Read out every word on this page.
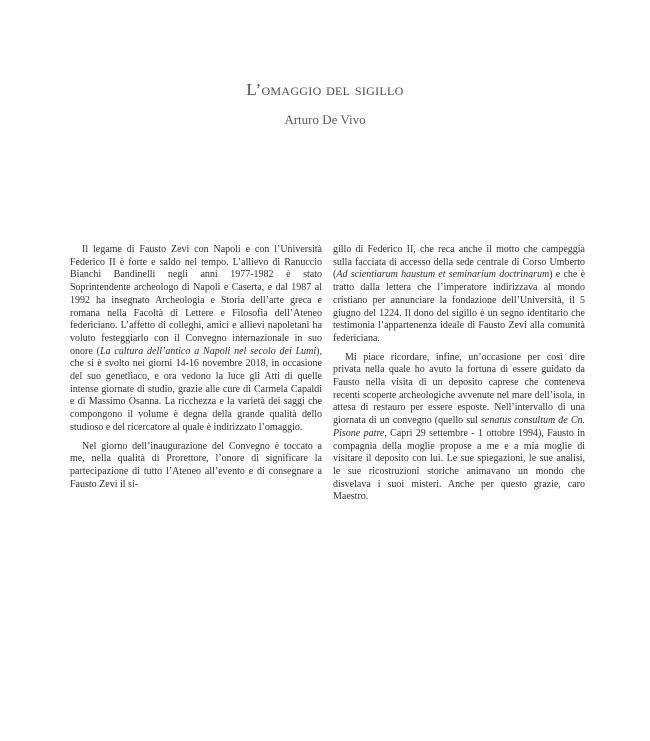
L’omaggio del sigillo
Arturo De Vivo

Il legame di Fausto Zevi con Napoli e con l’Università Federico II è forte e saldo nel tempo. L’allievo di Ranuccio Bianchi Bandinelli negli anni 1977-1982 è stato Soprintendente archeologo di Napoli e Caserta, e dal 1987 al 1992 ha insegnato Archeologia e Storia dell’arte greca e romana nella Facoltà di Lettere e Filosofia dell’Ateneo federiciano. L’affetto di colleghi, amici e allievi napoletani ha voluto festeggiarlo con il Convegno internazionale in suo onore (La cultura dell’antico a Napoli nel secolo dei Lumi), che si è svolto nei giorni 14-16 novembre 2018, in occasione del suo genetliaco, e ora vedono la luce gli Atti di quelle intense giornate di studio, grazie alle cure di Carmela Capaldi e di Massimo Osanna. La ricchezza e la varietà dei saggi che compongono il volume è degna della grande qualità dello studioso e del ricercatore al quale è indirizzato l’omaggio.

Nel giorno dell’inaugurazione del Convegno è toccato a me, nella qualità di Prorettore, l’onore di significare la partecipazione di tutto l’Ateneo all’evento e di consegnare a Fausto Zevi il si-

gillo di Federico II, che reca anche il motto che campeggia sulla facciata di accesso della sede centrale di Corso Umberto (Ad scientiarum haustum et seminarium doctrinarum) e che è tratto dalla lettera che l’imperatore indirizzava al mondo cristiano per annunciare la fondazione dell’Università, il 5 giugno del 1224. Il dono del sigillo è un segno identitario che testimonia l’appartenenza ideale di Fausto Zevi alla comunità federiciana.

Mi piace ricordare, infine, un’occasione per così dire privata nella quale ho avuto la fortuna di essere guidato da Fausto nella visita di un deposito caprese che conteneva recenti scoperte archeologiche avvenute nel mare dell’isola, in attesa di restauro per essere esposte. Nell’intervallo di una giornata di un convegno (quello sul senatus consultum de Cn. Pisone patre, Capri 29 settembre - 1 ottobre 1994), Fausto in compagnia della moglie propose a me e a mia moglie di visitare il deposito con lui. Le sue spiegazioni, le sue analisi, le sue ricostruzioni storiche animavano un mondo che disvelava i suoi misteri. Anche per questo grazie, caro Maestro.
